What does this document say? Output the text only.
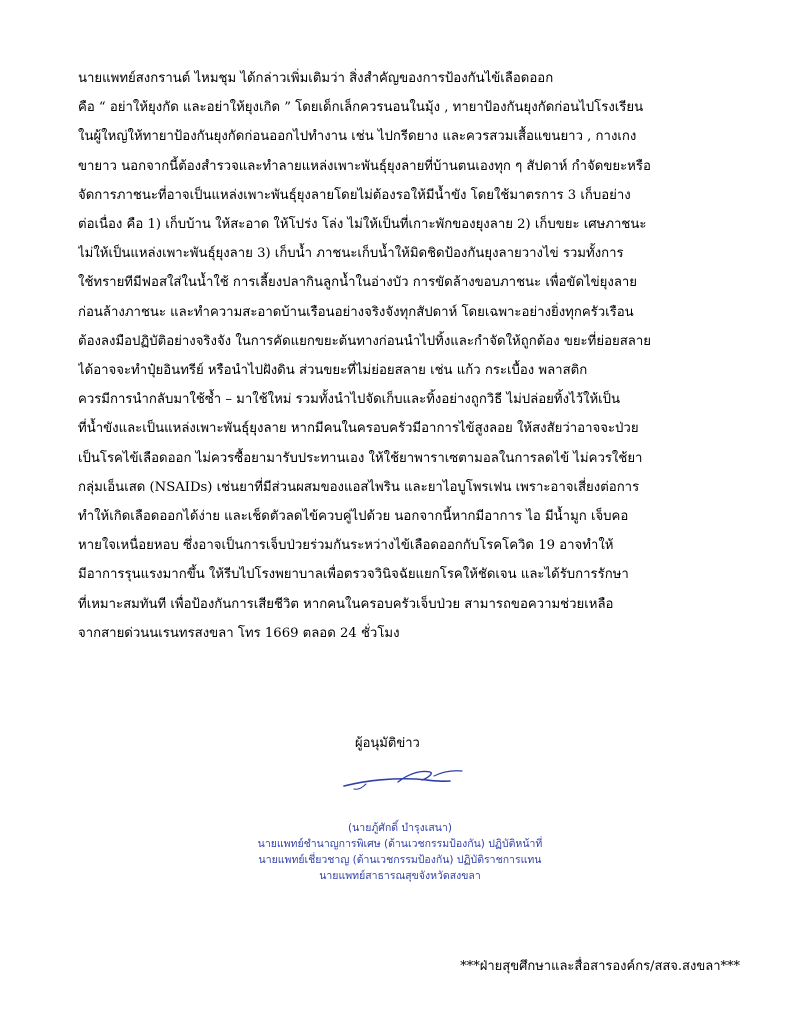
นายแพทย์สงกรานต์ ไหมชุม ได้กล่าวเพิ่มเติมว่า สิ่งสำคัญของการป้องกันไข้เลือดออก
คือ “ อย่าให้ยุงกัด และอย่าให้ยุงเกิด ” โดยเด็กเล็กควรนอนในมุ้ง , ทายาป้องกันยุงกัดก่อนไปโรงเรียน
ในผู้ใหญ่ให้ทายาป้องกันยุงกัดก่อนออกไปทำงาน เช่น ไปกรีดยาง และควรสวมเสื้อแขนยาว , กางเกง
ขายาว นอกจากนี้ต้องสำรวจและทำลายแหล่งเพาะพันธุ์ยุงลายที่บ้านตนเองทุก ๆ สัปดาห์ กำจัดขยะหรือ
จัดการภาชนะที่อาจเป็นแหล่งเพาะพันธุ์ยุงลายโดยไม่ต้องรอให้มีน้ำขัง โดยใช้มาตรการ 3 เก็บอย่าง
ต่อเนื่อง คือ 1) เก็บบ้าน ให้สะอาด ให้โปร่ง โล่ง ไม่ให้เป็นที่เกาะพักของยุงลาย 2) เก็บขยะ เศษภาชนะ
ไม่ให้เป็นแหล่งเพาะพันธุ์ยุงลาย 3) เก็บน้ำ ภาชนะเก็บน้ำให้มิดชิดป้องกันยุงลายวางไข่ รวมทั้งการ
ใช้ทรายทีมีฟอสใส่ในน้ำใช้ การเลี้ยงปลากินลูกน้ำในอ่างบัว การขัดล้างขอบภาชนะ เพื่อขัดไข่ยุงลาย
ก่อนล้างภาชนะ และทำความสะอาดบ้านเรือนอย่างจริงจังทุกสัปดาห์ โดยเฉพาะอย่างยิ่งทุกครัวเรือน
ต้องลงมือปฏิบัติอย่างจริงจัง ในการคัดแยกขยะต้นทางก่อนนำไปทิ้งและกำจัดให้ถูกต้อง ขยะที่ย่อยสลาย
ได้อาจจะทำปุ๋ยอินทรีย์ หรือนำไปฝังดิน ส่วนขยะที่ไม่ย่อยสลาย เช่น แก้ว กระเบื้อง พลาสติก
ควรมีการนำกลับมาใช้ซ้ำ – มาใช้ใหม่ รวมทั้งนำไปจัดเก็บและทิ้งอย่างถูกวิธี ไม่ปล่อยทิ้งไว้ให้เป็น
ที่น้ำขังและเป็นแหล่งเพาะพันธุ์ยุงลาย หากมีคนในครอบครัวมีอาการไข้สูงลอย ให้สงสัยว่าอาจจะป่วย
เป็นโรคไข้เลือดออก ไม่ควรซื้อยามารับประทานเอง ให้ใช้ยาพาราเซตามอลในการลดไข้ ไม่ควรใช้ยา
กลุ่มเอ็นเสด (NSAIDs) เช่นยาที่มีส่วนผสมของแอสไพริน และยาไอบูโพรเฟน เพราะอาจเสี่ยงต่อการ
ทำให้เกิดเลือดออกได้ง่าย และเช็ดตัวลดไข้ควบคู่ไปด้วย นอกจากนี้หากมีอาการ ไอ มีน้ำมูก เจ็บคอ
หายใจเหนื่อยหอบ ซึ่งอาจเป็นการเจ็บป่วยร่วมกันระหว่างไข้เลือดออกกับโรคโควิด 19 อาจทำให้
มีอาการรุนแรงมากขึ้น ให้รีบไปโรงพยาบาลเพื่อตรวจวินิจฉัยแยกโรคให้ชัดเจน และได้รับการรักษา
ที่เหมาะสมทันที เพื่อป้องกันการเสียชีวิต หากคนในครอบครัวเจ็บป่วย สามารถขอความช่วยเหลือ
จากสายด่วนนเรนทรสงขลา โทร 1669 ตลอด 24 ชั่วโมง
ผู้อนุมัติข่าว
(นายภู้ศักดิ์ บำรุงเสนา)
นายแพทย์ชำนาญการพิเศษ (ด้านเวชกรรมป้องกัน) ปฏิบัติหน้าที่
นายแพทย์เชี่ยวชาญ (ด้านเวชกรรมป้องกัน) ปฏิบัติราชการแทน
นายแพทย์สาธารณสุขจังหวัดสงขลา
***ฝ่ายสุขศึกษาและสื่อสารองค์กร/สสจ.สงขลา***
